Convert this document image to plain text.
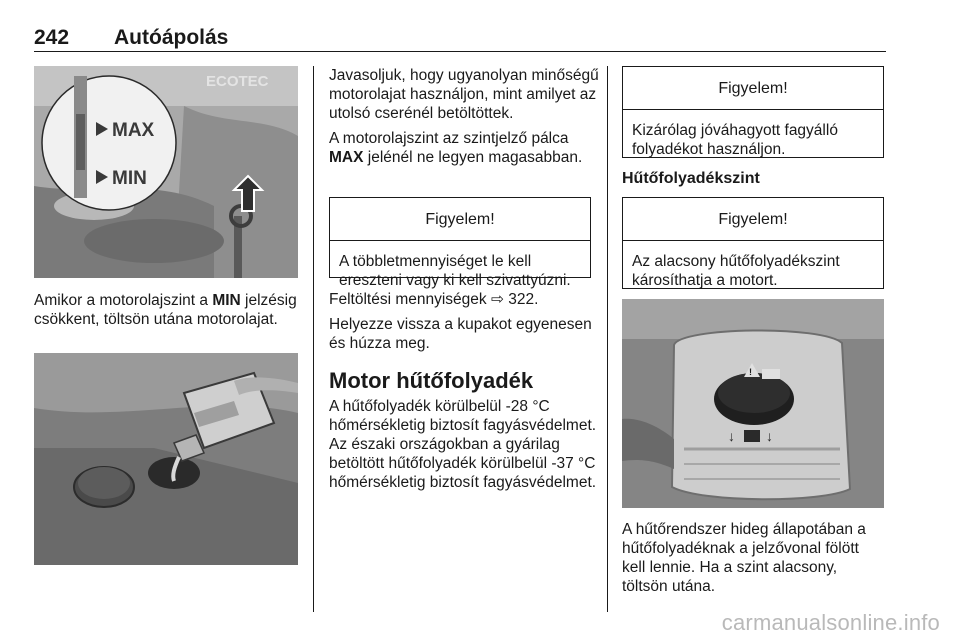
242 Autóápolás
ECOTEC
MAX
MIN

Amikor a motorolajszint a MIN jelzésig csökkent, töltsön utána motorolajat.

Javasoljuk, hogy ugyanolyan minőségű motorolajat használjon, mint amilyet az utolsó cserénél betöltöttek.

A motorolajszint az szintjelző pálca MAX jelénél ne legyen magasabban.

Figyelem!
A többletmennyiséget le kell ereszteni vagy ki kell szivattyúzni.

Feltöltési mennyiségek ⇨ 322.

Helyezze vissza a kupakot egyenesen és húzza meg.

Motor hűtőfolyadék
A hűtőfolyadék körülbelül -28 °C hőmérsékletig biztosít fagyásvédelmet. Az északi országokban a gyárilag betöltött hűtőfolyadék körülbelül -37 °C hőmérsékletig biztosít fagyásvédelmet.
Figyelem!
Kizárólag jóváhagyott fagyálló folyadékot használjon.
Hűtőfolyadékszint
Figyelem!
Az alacsony hűtőfolyadékszint károsíthatja a motort.
!
↓ ↓
A hűtőrendszer hideg állapotában a hűtőfolyadéknak a jelzővonal fölött kell lennie. Ha a szint alacsony, töltsön utána.
carmanualsonline.info
